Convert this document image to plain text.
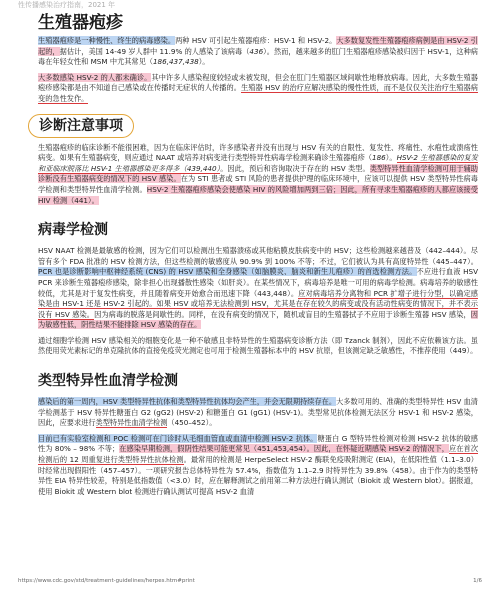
性传播感染治疗指南，2021 年
生殖器疱疹

生殖器疱疹是一种慢性、终生的病毒感染。两种 HSV 可引起生殖器疱疹：HSV-1 和 HSV-2。大多数复发性生殖器疱疹病例是由 HSV-2 引起的，据估计，美国 14-49 岁人群中 11.9% 的人感染了该病毒（436）。然而，越来越多的肛门生殖器疱疹感染被归因于 HSV-1，这种病毒在年轻女性和 MSM 中尤其常见（186,437,438）。

大多数感染 HSV-2 的人都未确诊。其中许多人感染程度较轻或未被发现，但会在肛门生殖器区域间歇性地释放病毒。因此，大多数生殖器疱疹感染都是由不知道自己感染或在传播时无症状的人传播的。生殖器 HSV 的治疗应解决感染的慢性性质，而不是仅仅关注治疗生殖器病变的急性发作。

诊断注意事项

生殖器疱疹的临床诊断不能很困难，因为在临床评估时，许多感染者并没有出现与 HSV 有关的自限性、复发性、疼痛性、水疱性或溃疡性病变。如果有生殖器病变，则应通过 NAAT 或培养对病变进行类型特异性病毒学检测来确诊生殖器疱疹（186）。HSV-2 生殖器感染的复发和亚临床脱落比 HSV-1 生殖器感染更多得多（439,440）。因此，预后和咨询取决于存在的 HSV 类型。类型特异性血清学检测可用于辅助诊断没有生殖器病变的情况下的 HSV 感染。在为 STI 患者或 STI 风险的患者提供护理的临床环境中，应该可以提供 HSV 类型特异性病毒学检测和类型特异性血清学检测。HSV-2 生殖器疱疹感染会使感染 HIV 的风险增加两到三倍；因此，所有寻求生殖器疱疹的人都应该接受 HIV 检测（441）。

病毒学检测

HSV NAAT 检测是最敏感的检测，因为它们可以检测出生殖器溃疡或其他粘膜皮肤病变中的 HSV；这些检测越来越普及（442–444）。尽管有多个 FDA 批准的 HSV 检测方法，但这些检测的敏感度从 90.9% 到 100% 不等；不过，它们被认为具有高度特异性（445–447）。PCR 也是诊断影响中枢神经系统 (CNS) 的 HSV 感染和全身感染（如脑膜炎、脑炎和新生儿疱疹）的首选检测方法。不应进行血液 HSV PCR 来诊断生殖器疱疹感染，除非担心出现播散性感染（如肝炎）。在某些情况下，病毒培养是唯一可用的病毒学检测。病毒培养的敏感性较低，尤其是对于复发性病变，并且随着病变开始愈合而迅速下降（443,448）。应对病毒培养分离物和 PCR 扩增子进行分型，以确定感染是由 HSV-1 还是 HSV-2 引起的。如果 HSV 或培养无法检测到 HSV，尤其是在存在较久的病变或没有活动性病变的情况下，并不表示没有 HSV 感染。因为病毒的脱落是间歇性的。同样，在没有病变的情况下，随机或盲目的生殖器拭子不应用于诊断生殖器 HSV 感染，因为敏感性低，阴性结果不能排除 HSV 感染的存在。

通过细胞学检测 HSV 感染相关的细胞变化是一种不敏感且非特异性的生殖器病变诊断方法（即 Tzanck 制剂），因此不应依赖该方法。虽然使用荧光素标记的单克隆抗体的直接免疫荧光测定也可用于检测生殖器标本中的 HSV 抗原，但该测定缺乏敏感性，不推荐使用（449）。

类型特异性血清学检测

感染后的第一周内，HSV 类型特异性抗体和类型特异性抗体均会产生，并会无限期持续存在。大多数可用的、准确的类型特异性 HSV 血清学检测基于 HSV 特异性糖蛋白 G2 (gG2) (HSV-2) 和糖蛋白 G1 (gG1) (HSV-1)。类型常见抗体检测无法区分 HSV-1 和 HSV-2 感染，因此，应要求进行类型特异性血清学检测（450–452）。

目前已有实验室检测和 POC 检测可在门诊时从毛细血管血或血清中检测 HSV-2 抗体。糖蛋白 G 型特异性检测对检测 HSV-2 抗体的敏感性为 80% – 98% 不等；在感染早期检测，假阴性结果可能更常见（451,453,454）。因此，在怀疑近期感染 HSV-2 的情况下，应在首次检测后的 12 周重复进行类型特异性抗体检测。最常用的检测是 HerpeSelect HSV-2 酶联免疫吸附测定 (EIA)，在低阳性值（1.1–3.0）时经常出现假阳性（457–457）。一项研究报告总体特异性为 57.4%，指数值为 1.1–2.9 时特异性为 39.8%（458）。由于作为的类型特异性 EIA 特异性较差，特别是低指数值（<3.0）时，应在解释测试之前用第二种方法进行确认测试（Biokit 或 Western blot）。据报道，使用 Biokit 或 Western blot 检测进行确认测试可提高 HSV-2 血清

https://www.cdc.gov/std/treatment-guidelines/herpes.htm#print	1/6
